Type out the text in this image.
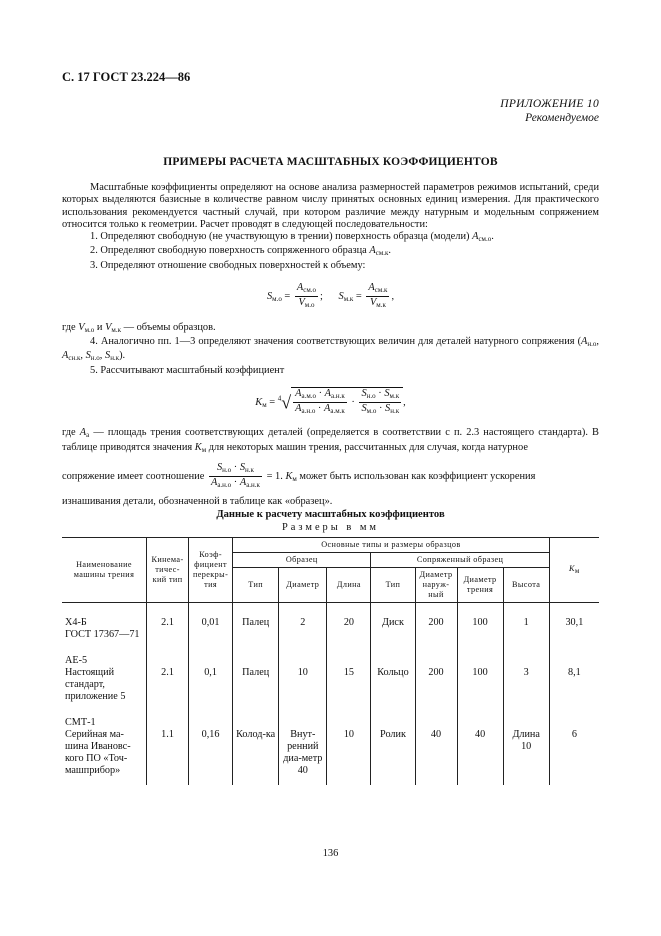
С. 17 ГОСТ 23.224—86
ПРИЛОЖЕНИЕ 10
Рекомендуемое
ПРИМЕРЫ РАСЧЕТА МАСШТАБНЫХ КОЭФФИЦИЕНТОВ
Масштабные коэффициенты определяют на основе анализа размерностей параметров режимов испытаний, среди которых выделяются базисные в количестве равном числу принятых основных единиц измерения. Для практического использования рекомендуется частный случай, при котором различие между натурным и модельным сопряжением относится только к геометрии. Расчет проводят в следующей последовательности:
1. Определяют свободную (не участвующую в трении) поверхность образца (модели) $A_{см.о}$.
2. Определяют свободную поверхность сопряженного образца $A_{см.к}$.
3. Определяют отношение свободных поверхностей к объему:
$S_{м.о} = \frac{A_{см.о}}{V_{м.о}}$ ;      $S_{м.к} = \frac{A_{см.к}}{V_{м.к}}$ ,
где $V_{м.о}$ и $V_{м.к}$ — объемы образцов.
4. Аналогично пп. 1—3 определяют значения соответствующих величин для деталей натурного сопряжения ($A_{н.о}$, $A_{сн.к}$, $S_{н.о}$, $S_{н.к}$).
5. Рассчитывают масштабный коэффициент
$K_м = ^4√ \frac{A_{а.м.о} \cdot A_{а.н.к}}{A_{а.н.о} \cdot A_{а.м.к}} \cdot \frac{S_{н.о} \cdot S_{м.к}}{S_{м.о} \cdot S_{н.к}}$ ,
где $A_а$ — площадь трения соответствующих деталей (определяется в соответствии с п. 2.3 настоящего стандарта). В таблице приводятся значения $K_м$ для некоторых машин трения, рассчитанных для случая, когда натурное
сопряжение имеет соотношение $\frac{S_{н.о} \cdot S_{н.к}}{A_{а.н.о} \cdot A_{а.н.к}} = 1$. $K_м$ может быть использован как коэффициент ускорения
изнашивания детали, обозначенной в таблице как «образец».
Данные к расчету масштабных коэффициентов
Размеры в мм
Наименование машины трения	Кинема-тичес-кий тип	Коэф-фициент перекры-тия	Основные типы и размеры образцов							$K_м$
			Образец			Сопряженный образец				
			Тип	Диаметр	Длина	Тип	Диаметр наруж-ный	Диаметр трения	Высота	

Х4-Б
ГОСТ 17367—71	2.1	0,01	Палец	2	20	Диск	200	100	1	30,1

АЕ-5
Настоящий
стандарт,
приложение 5	2.1	0,1	Палец	10	15	Кольцо	200	100	3	8,1

СМТ-1
Серийная ма-
шина Ивановс-
кого ПО «Точ-
машприбор»	1.1	0,16	Колод-ка	Внут-ренний диа-метр 40	10	Ролик	40	40	Длина 10	6
136
